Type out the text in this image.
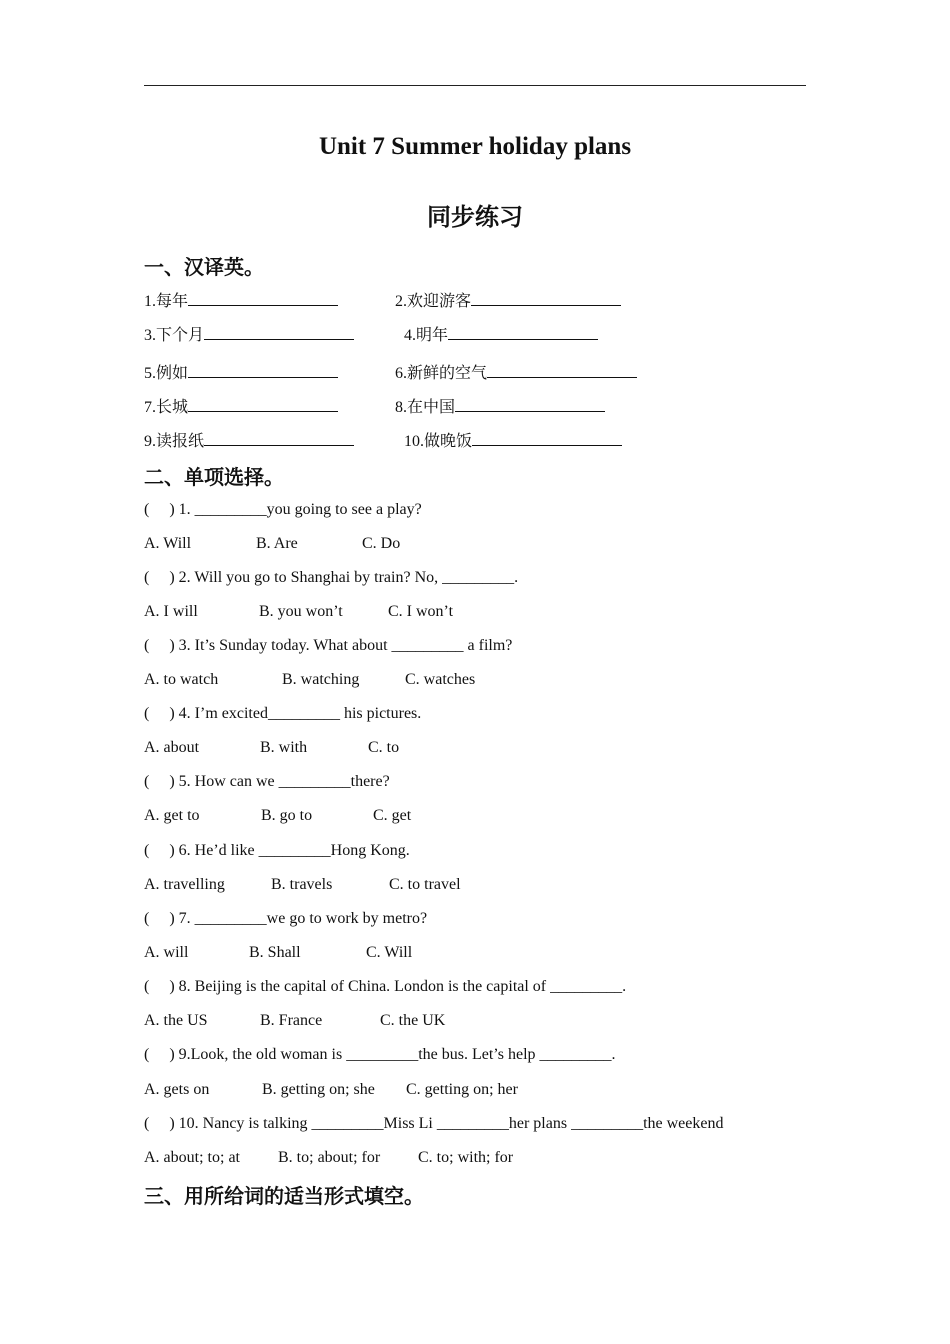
Unit 7 Summer holiday plans
同步练习
一、汉译英。
1.每年	2.欢迎游客
3.下个月	4.明年
5.例如	6.新鲜的空气
7.长城	8.在中国
9.读报纸	10.做晚饭
二、单项选择。
(     ) 1. _________you going to see a play?
A. Will	B. Are	C. Do
(     ) 2. Will you go to Shanghai by train? No, _________.
A. I will	B. you won’t	C. I won’t
(     ) 3. It’s Sunday today. What about _________ a film?
A. to watch	B. watching	C. watches
(     ) 4. I’m excited_________ his pictures.
A. about	B. with	C. to
(     ) 5. How can we _________there?
A. get to	B. go to	C. get
(     ) 6. He’d like _________Hong Kong.
A. travelling	B. travels	C. to travel
(     ) 7. _________we go to work by metro?
A. will	B. Shall	C. Will
(     ) 8. Beijing is the capital of China. London is the capital of _________.
A. the US	B. France	C. the UK
(     ) 9.Look, the old woman is _________the bus. Let’s help _________.
A. gets on	B. getting on; she C. getting on; her
(     ) 10. Nancy is talking _________Miss Li _________her plans _________the weekend
A. about; to; at B. to; about; for C. to; with; for
三、用所给词的适当形式填空。
